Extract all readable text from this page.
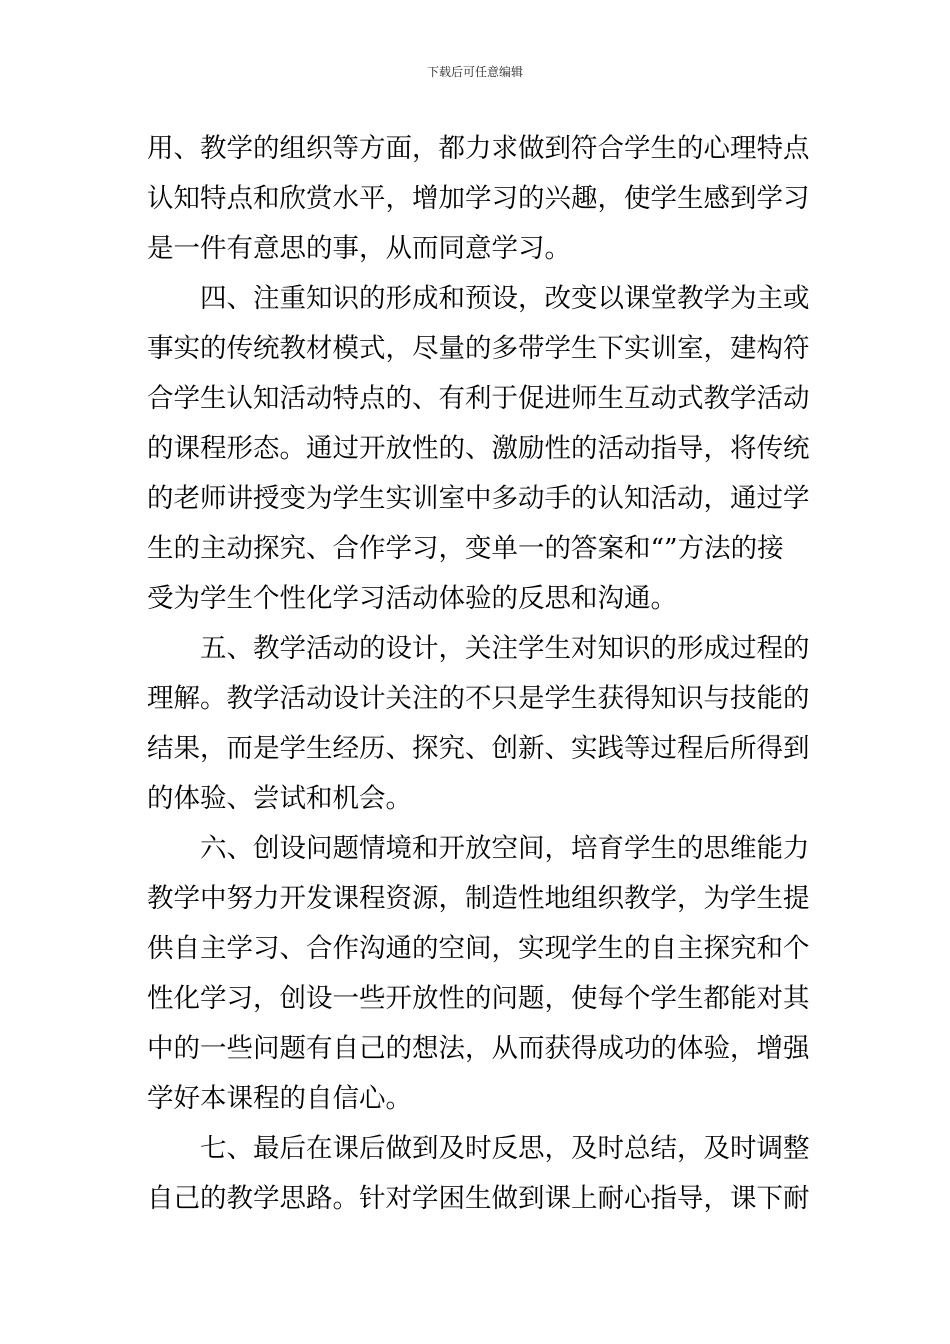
下载后可任意编辑
用、教学的组织等方面，都力求做到符合学生的心理特点
认知特点和欣赏水平，增加学习的兴趣，使学生感到学习
是一件有意思的事，从而同意学习。
四、注重知识的形成和预设，改变以课堂教学为主或
事实的传统教材模式，尽量的多带学生下实训室，建构符
合学生认知活动特点的、有利于促进师生互动式教学活动
的课程形态。通过开放性的、激励性的活动指导，将传统
的老师讲授变为学生实训室中多动手的认知活动，通过学
生的主动探究、合作学习，变单一的答案和“”方法的接
受为学生个性化学习活动体验的反思和沟通。
五、教学活动的设计，关注学生对知识的形成过程的
理解。教学活动设计关注的不只是学生获得知识与技能的
结果，而是学生经历、探究、创新、实践等过程后所得到
的体验、尝试和机会。
六、创设问题情境和开放空间，培育学生的思维能力
教学中努力开发课程资源，制造性地组织教学，为学生提
供自主学习、合作沟通的空间，实现学生的自主探究和个
性化学习，创设一些开放性的问题，使每个学生都能对其
中的一些问题有自己的想法，从而获得成功的体验，增强
学好本课程的自信心。
七、最后在课后做到及时反思，及时总结，及时调整
自己的教学思路。针对学困生做到课上耐心指导，课下耐
